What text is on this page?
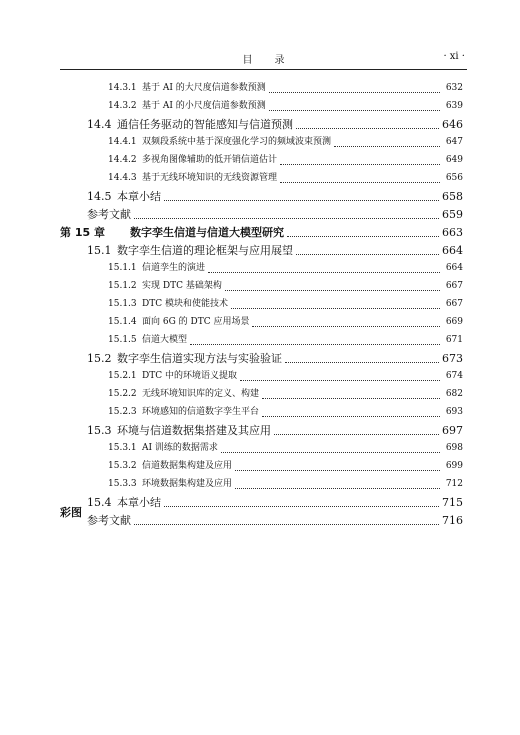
目录	· xi ·
14.3.1 基于 AI 的大尺度信道参数预测	632
14.3.2 基于 AI 的小尺度信道参数预测	639
14.4 通信任务驱动的智能感知与信道预测	646
14.4.1 双频段系统中基于深度强化学习的频域波束预测	647
14.4.2 多视角图像辅助的低开销信道估计	649
14.4.3 基于无线环境知识的无线资源管理	656
14.5 本章小结	658
参考文献	659
第 15 章	数字孪生信道与信道大模型研究	663
15.1 数字孪生信道的理论框架与应用展望	664
15.1.1 信道孪生的演进	664
15.1.2 实现 DTC 基础架构	667
15.1.3 DTC 模块和使能技术	667
15.1.4 面向 6G 的 DTC 应用场景	669
15.1.5 信道大模型	671
15.2 数字孪生信道实现方法与实验验证	673
15.2.1 DTC 中的环境语义提取	674
15.2.2 无线环境知识库的定义、构建	682
15.2.3 环境感知的信道数字孪生平台	693
15.3 环境与信道数据集搭建及其应用	697
15.3.1 AI 训练的数据需求	698
15.3.2 信道数据集构建及应用	699
15.3.3 环境数据集构建及应用	712
15.4 本章小结	715
参考文献	716
彩图
